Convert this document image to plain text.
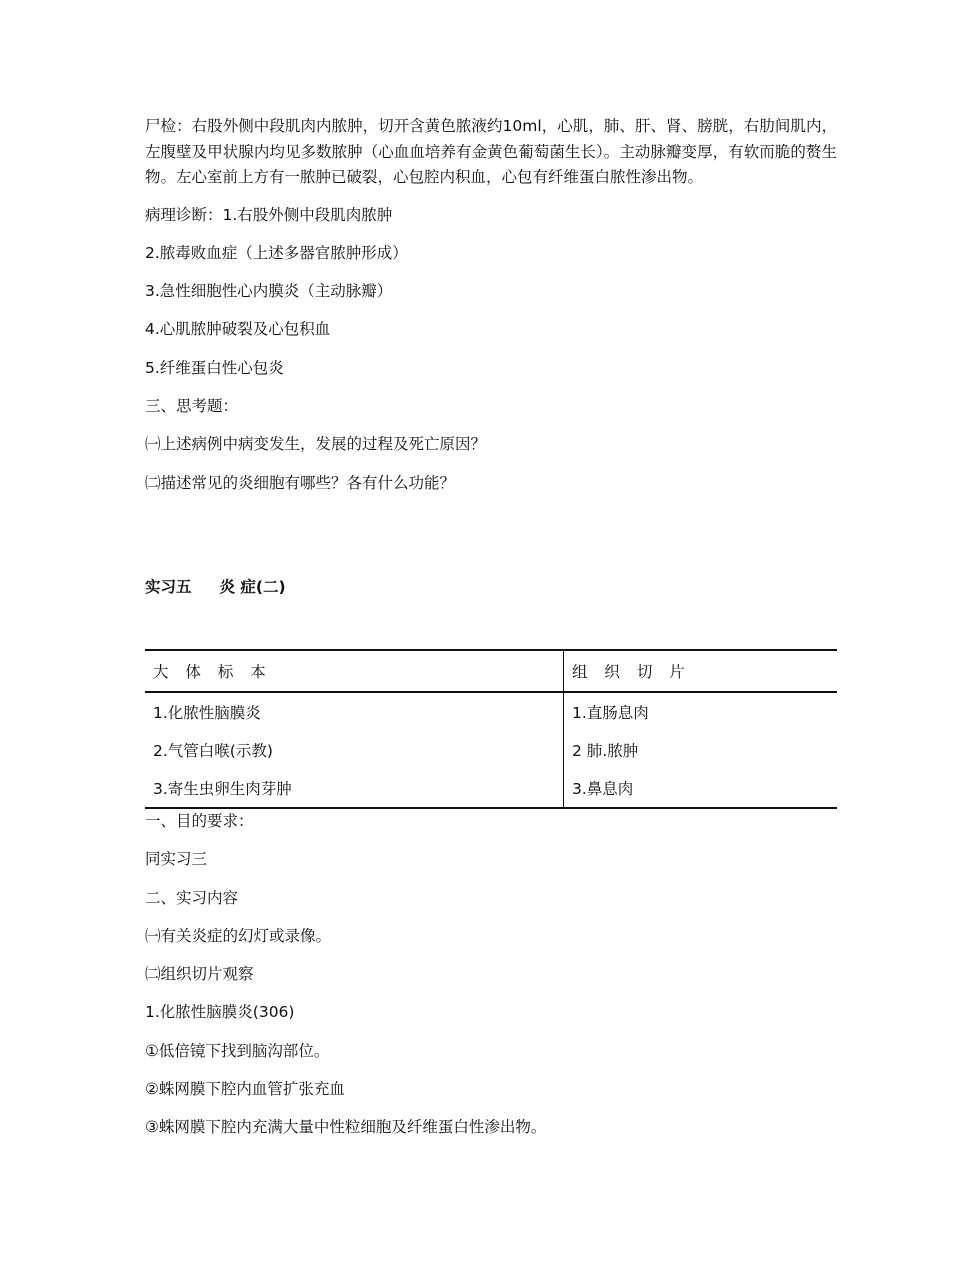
尸检：右股外侧中段肌肉内脓肿，切开含黄色脓液约10ml，心肌，肺、肝、肾、膀胱，右肋间肌内，左腹壁及甲状腺内均见多数脓肿（心血血培养有金黄色葡萄菌生长）。主动脉瓣变厚，有软而脆的赘生物。左心室前上方有一脓肿已破裂，心包腔内积血，心包有纤维蛋白脓性渗出物。

病理诊断：1.右股外侧中段肌肉脓肿

2.脓毒败血症（上述多器官脓肿形成）

3.急性细胞性心内膜炎（主动脉瓣）

4.心肌脓肿破裂及心包积血

5.纤维蛋白性心包炎

三、思考题：

㈠上述病例中病变发生，发展的过程及死亡原因？

㈡描述常见的炎细胞有哪些？各有什么功能？

实习五 炎 症(二)

大 体 标 本	组 织 切 片
1.化脓性脑膜炎	1.直肠息肉
2.气管白喉(示教)	2 肺.脓肿
3.寄生虫卵生肉芽肿	3.鼻息肉

一、目的要求：

同实习三

二、实习内容

㈠有关炎症的幻灯或录像。

㈡组织切片观察

1.化脓性脑膜炎(306)

①低倍镜下找到脑沟部位。

②蛛网膜下腔内血管扩张充血

③蛛网膜下腔内充满大量中性粒细胞及纤维蛋白性渗出物。
